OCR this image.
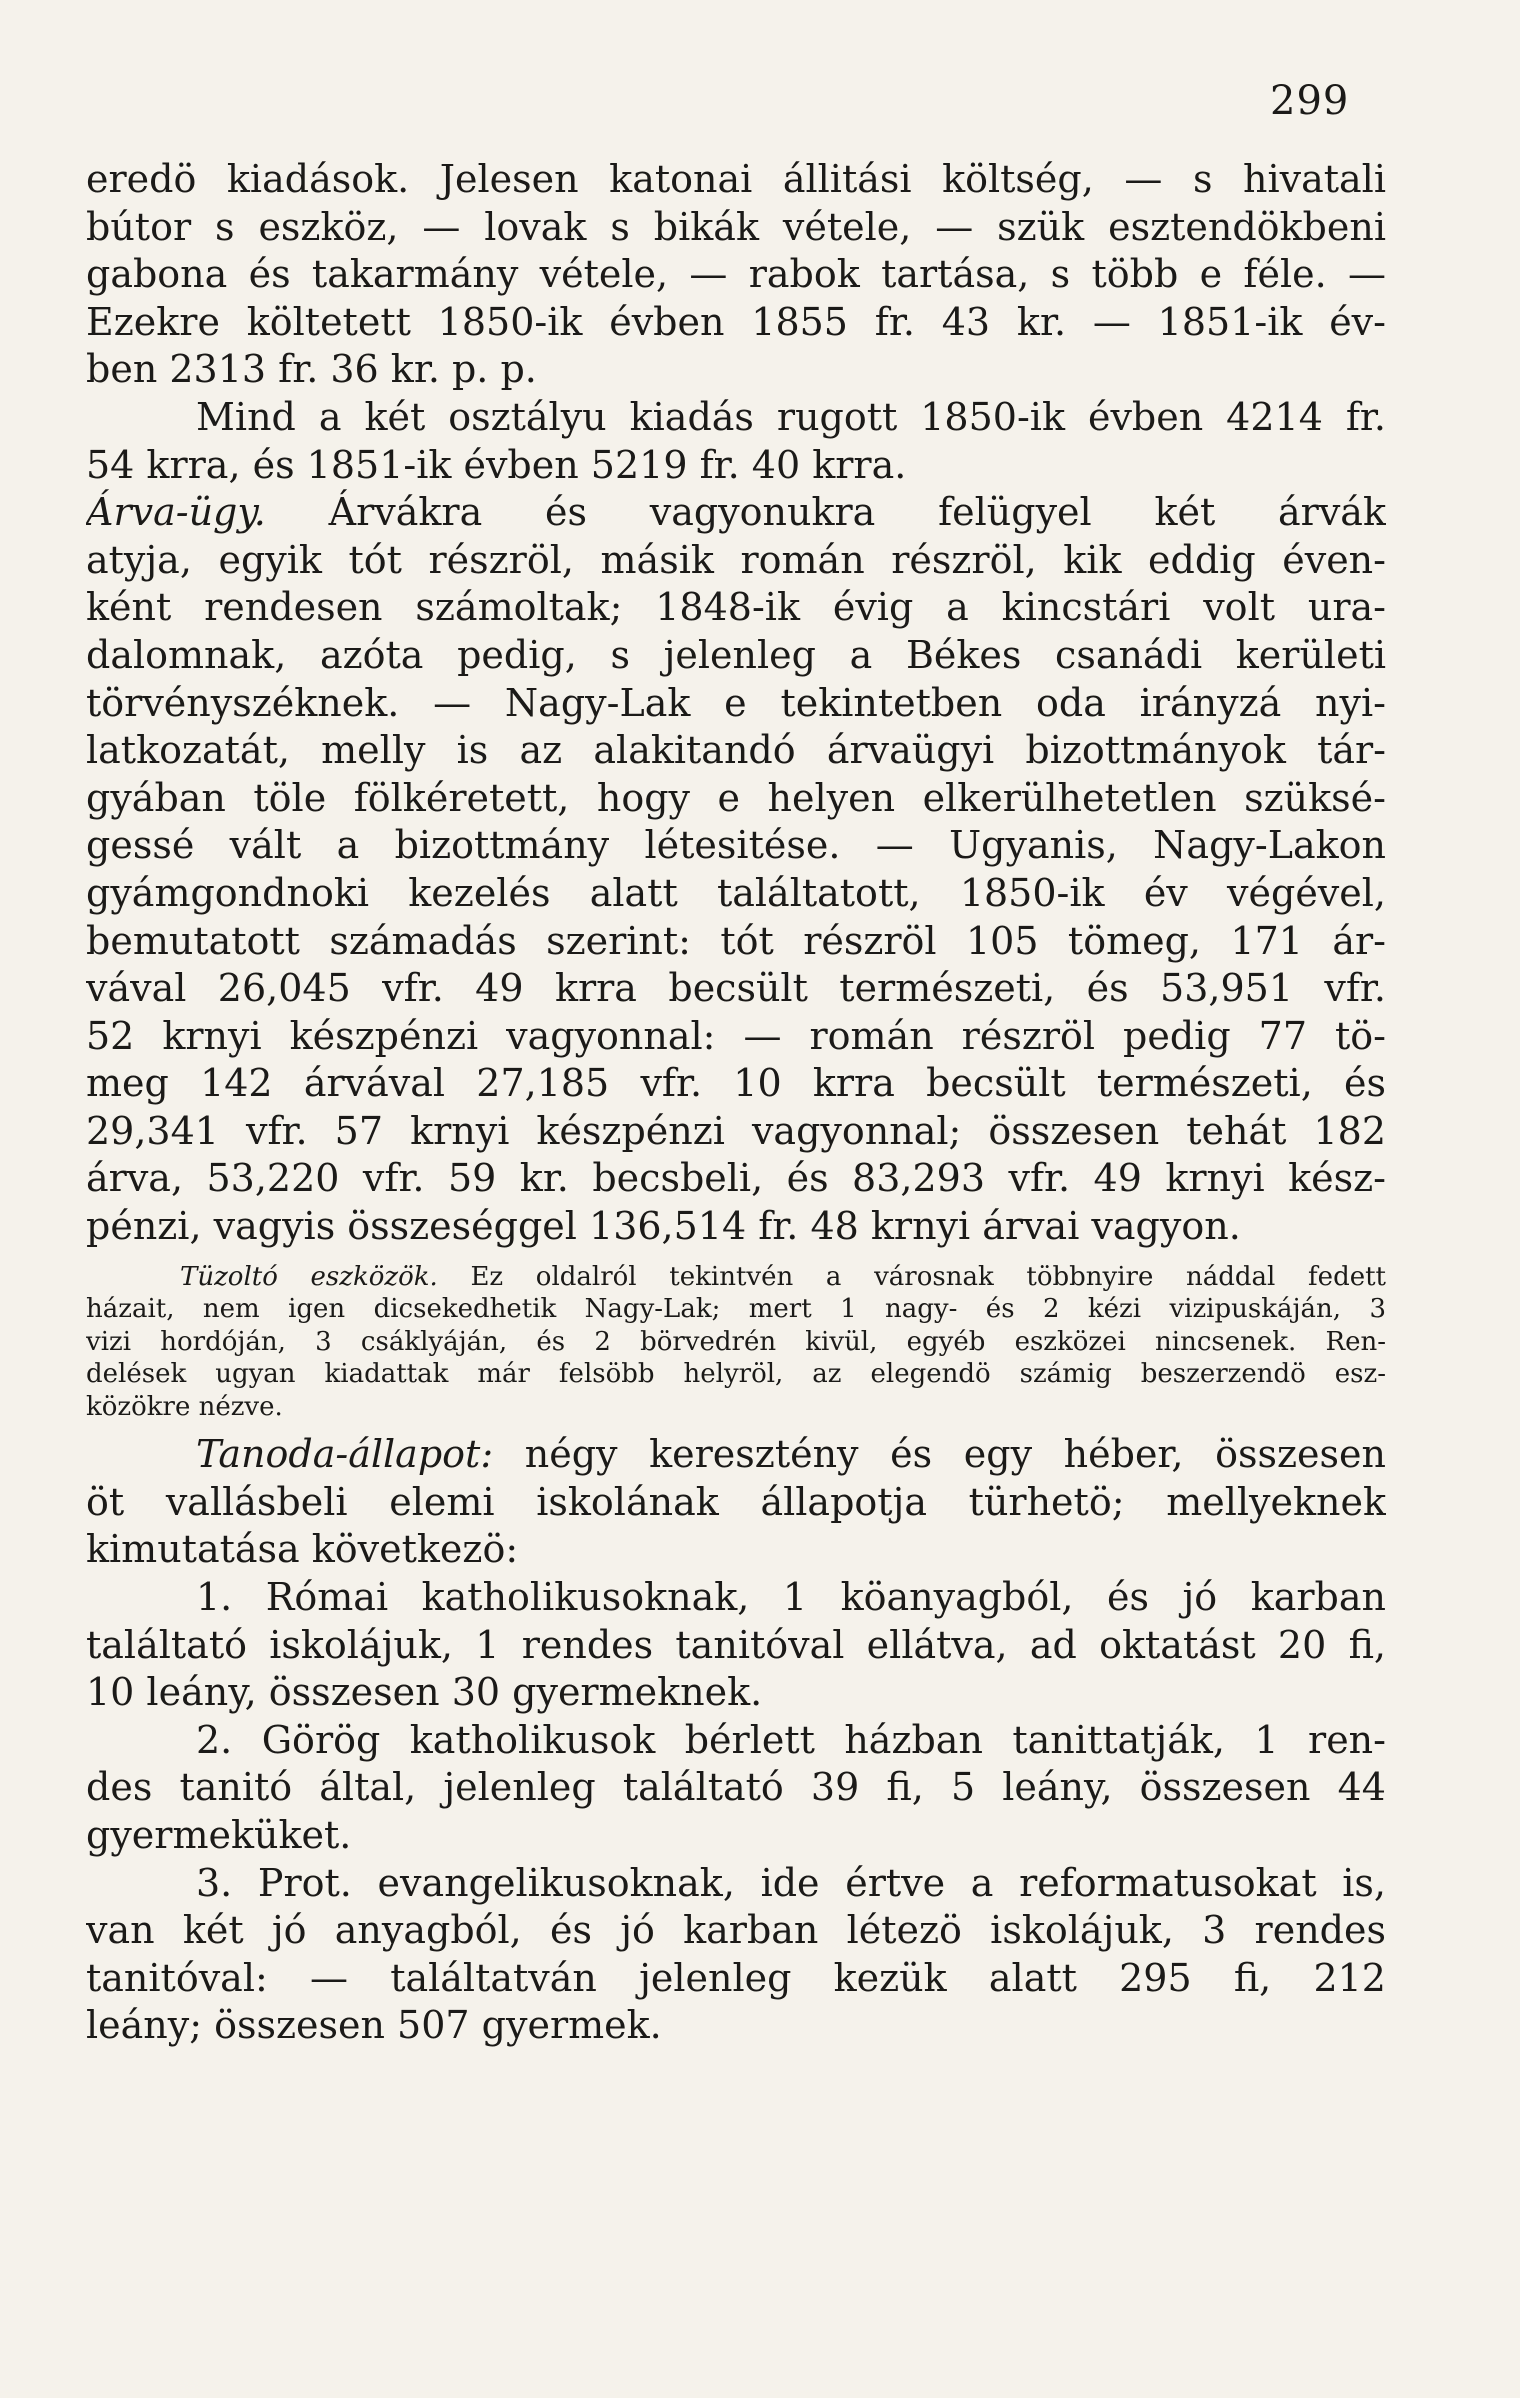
299

eredö kiadások. Jelesen katonai állitási költség, — s hivatali
bútor s eszköz, — lovak s bikák vétele, — szük esztendökbeni
gabona és takarmány vétele, — rabok tartása, s több e féle. —
Ezekre költetett 1850-ik évben 1855 fr. 43 kr. — 1851-ik év-
ben 2313 fr. 36 kr. p. p.

Mind a két osztályu kiadás rugott 1850-ik évben 4214 fr.
54 krra, és 1851-ik évben 5219 fr. 40 krra.

Árva-ügy. Árvákra és vagyonukra felügyel két árvák
atyja, egyik tót részröl, másik román részröl, kik eddig éven-
ként rendesen számoltak; 1848-ik évig a kincstári volt ura-
dalomnak, azóta pedig, s jelenleg a Békes csanádi kerületi
törvényszéknek. — Nagy-Lak e tekintetben oda irányzá nyi-
latkozatát, melly is az alakitandó árvaügyi bizottmányok tár-
gyában töle fölkéretett, hogy e helyen elkerülhetetlen szüksé-
gessé vált a bizottmány létesitése. — Ugyanis, Nagy-Lakon
gyámgondnoki kezelés alatt találtatott, 1850-ik év végével,
bemutatott számadás szerint: tót részröl 105 tömeg, 171 ár-
vával 26,045 vfr. 49 krra becsült természeti, és 53,951 vfr.
52 krnyi készpénzi vagyonnal: — román részröl pedig 77 tö-
meg 142 árvával 27,185 vfr. 10 krra becsült természeti, és
29,341 vfr. 57 krnyi készpénzi vagyonnal; összesen tehát 182
árva, 53,220 vfr. 59 kr. becsbeli, és 83,293 vfr. 49 krnyi kész-
pénzi, vagyis összeséggel 136,514 fr. 48 krnyi árvai vagyon.

Tüzoltó eszközök. Ez oldalról tekintvén a városnak többnyire náddal fedett
házait, nem igen dicsekedhetik Nagy-Lak; mert 1 nagy- és 2 kézi vizipuskáján, 3
vizi hordóján, 3 csáklyáján, és 2 börvedrén kivül, egyéb eszközei nincsenek. Ren-
delések ugyan kiadattak már felsöbb helyröl, az elegendö számig beszerzendö esz-
közökre nézve.

Tanoda-állapot: négy keresztény és egy héber, összesen
öt vallásbeli elemi iskolának állapotja türhetö; mellyeknek
kimutatása következö:

1. Római katholikusoknak, 1 köanyagból, és jó karban
találtató iskolájuk, 1 rendes tanitóval ellátva, ad oktatást 20 fi,
10 leány, összesen 30 gyermeknek.

2. Görög katholikusok bérlett házban tanittatják, 1 ren-
des tanitó által, jelenleg találtató 39 fi, 5 leány, összesen 44
gyermeküket.

3. Prot. evangelikusoknak, ide értve a reformatusokat is,
van két jó anyagból, és jó karban létezö iskolájuk, 3 rendes
tanitóval: — találtatván jelenleg kezük alatt 295 fi, 212
leány; összesen 507 gyermek.
